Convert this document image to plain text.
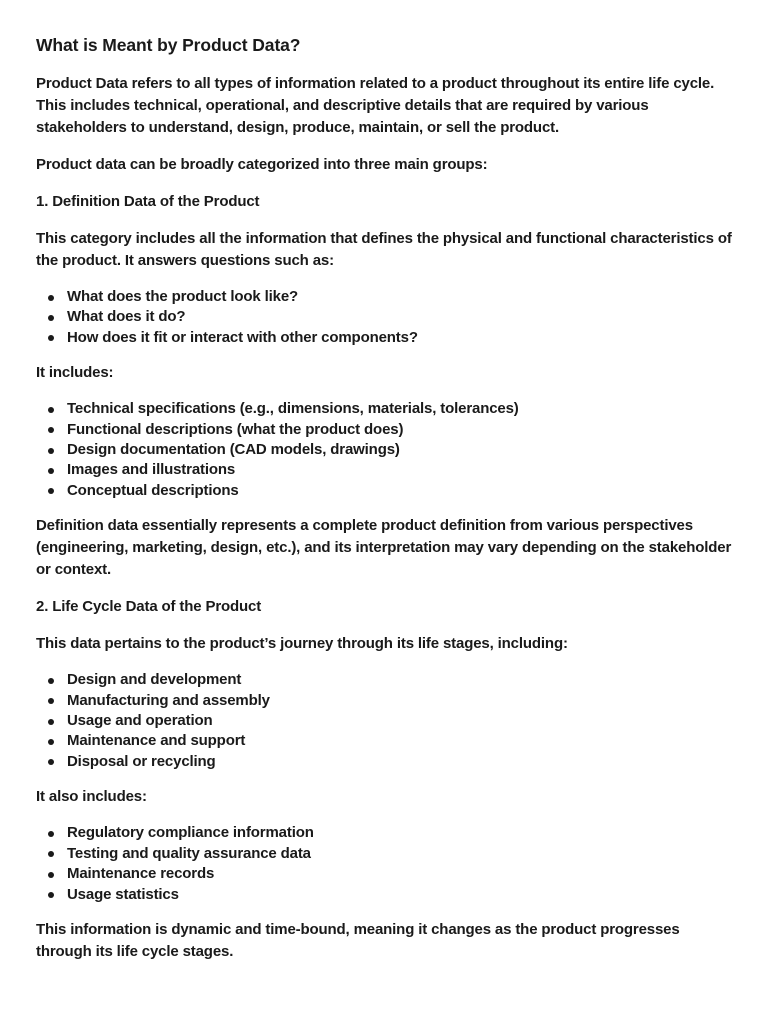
What is Meant by Product Data?

Product Data refers to all types of information related to a product throughout its entire life cycle. This includes technical, operational, and descriptive details that are required by various stakeholders to understand, design, produce, maintain, or sell the product.

Product data can be broadly categorized into three main groups:

1. Definition Data of the Product

This category includes all the information that defines the physical and functional characteristics of the product. It answers questions such as:

What does the product look like?
What does it do?
How does it fit or interact with other components?

It includes:

Technical specifications (e.g., dimensions, materials, tolerances)
Functional descriptions (what the product does)
Design documentation (CAD models, drawings)
Images and illustrations
Conceptual descriptions

Definition data essentially represents a complete product definition from various perspectives (engineering, marketing, design, etc.), and its interpretation may vary depending on the stakeholder or context.

2. Life Cycle Data of the Product

This data pertains to the product’s journey through its life stages, including:

Design and development
Manufacturing and assembly
Usage and operation
Maintenance and support
Disposal or recycling

It also includes:

Regulatory compliance information
Testing and quality assurance data
Maintenance records
Usage statistics

This information is dynamic and time-bound, meaning it changes as the product progresses through its life cycle stages.
